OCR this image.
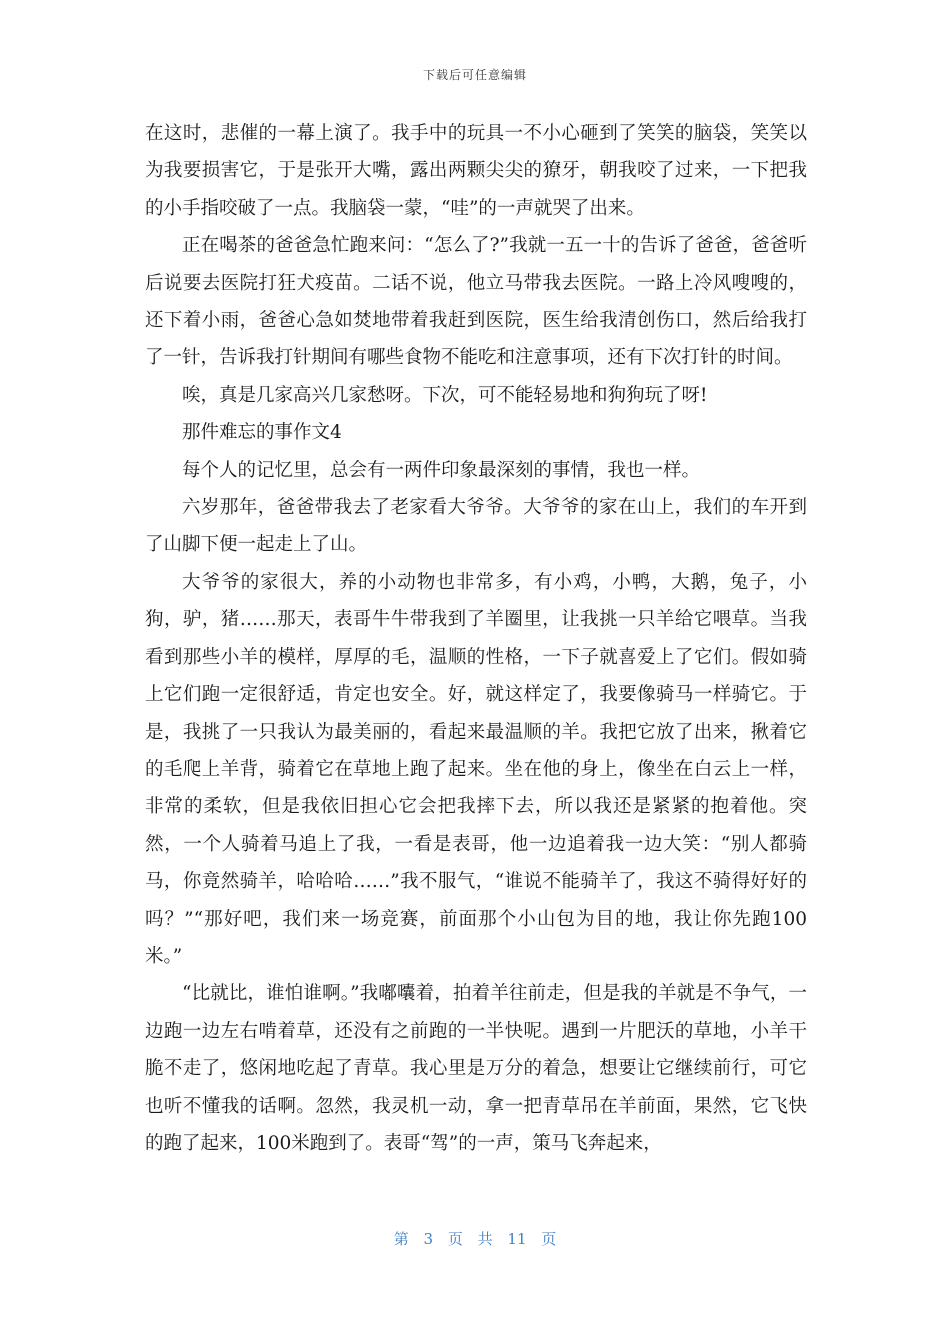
下载后可任意编辑

在这时，悲催的一幕上演了。我手中的玩具一不小心砸到了笑笑的脑袋，笑笑以为我要损害它，于是张开大嘴，露出两颗尖尖的獠牙，朝我咬了过来，一下把我的小手指咬破了一点。我脑袋一蒙，“哇”的一声就哭了出来。

正在喝茶的爸爸急忙跑来问：“怎么了?”我就一五一十的告诉了爸爸，爸爸听后说要去医院打狂犬疫苗。二话不说，他立马带我去医院。一路上冷风嗖嗖的，还下着小雨，爸爸心急如焚地带着我赶到医院，医生给我清创伤口，然后给我打了一针，告诉我打针期间有哪些食物不能吃和注意事项，还有下次打针的时间。

唉，真是几家高兴几家愁呀。下次，可不能轻易地和狗狗玩了呀!

那件难忘的事作文4

每个人的记忆里，总会有一两件印象最深刻的事情，我也一样。

六岁那年，爸爸带我去了老家看大爷爷。大爷爷的家在山上，我们的车开到了山脚下便一起走上了山。

大爷爷的家很大，养的小动物也非常多，有小鸡，小鸭，大鹅，兔子，小狗，驴，猪……那天，表哥牛牛带我到了羊圈里，让我挑一只羊给它喂草。当我看到那些小羊的模样，厚厚的毛，温顺的性格，一下子就喜爱上了它们。假如骑上它们跑一定很舒适，肯定也安全。好，就这样定了，我要像骑马一样骑它。于是，我挑了一只我认为最美丽的，看起来最温顺的羊。我把它放了出来，揪着它的毛爬上羊背，骑着它在草地上跑了起来。坐在他的身上，像坐在白云上一样，非常的柔软，但是我依旧担心它会把我摔下去，所以我还是紧紧的抱着他。突然，一个人骑着马追上了我，一看是表哥，他一边追着我一边大笑：“别人都骑马，你竟然骑羊，哈哈哈……”我不服气，“谁说不能骑羊了，我这不骑得好好的吗？”“那好吧，我们来一场竞赛，前面那个小山包为目的地，我让你先跑100米。”

“比就比，谁怕谁啊。”我嘟囔着，拍着羊往前走，但是我的羊就是不争气，一边跑一边左右啃着草，还没有之前跑的一半快呢。遇到一片肥沃的草地，小羊干脆不走了，悠闲地吃起了青草。我心里是万分的着急，想要让它继续前行，可它也听不懂我的话啊。忽然，我灵机一动，拿一把青草吊在羊前面，果然，它飞快的跑了起来，100米跑到了。表哥“驾”的一声，策马飞奔起来，

第 3 页 共 11 页
